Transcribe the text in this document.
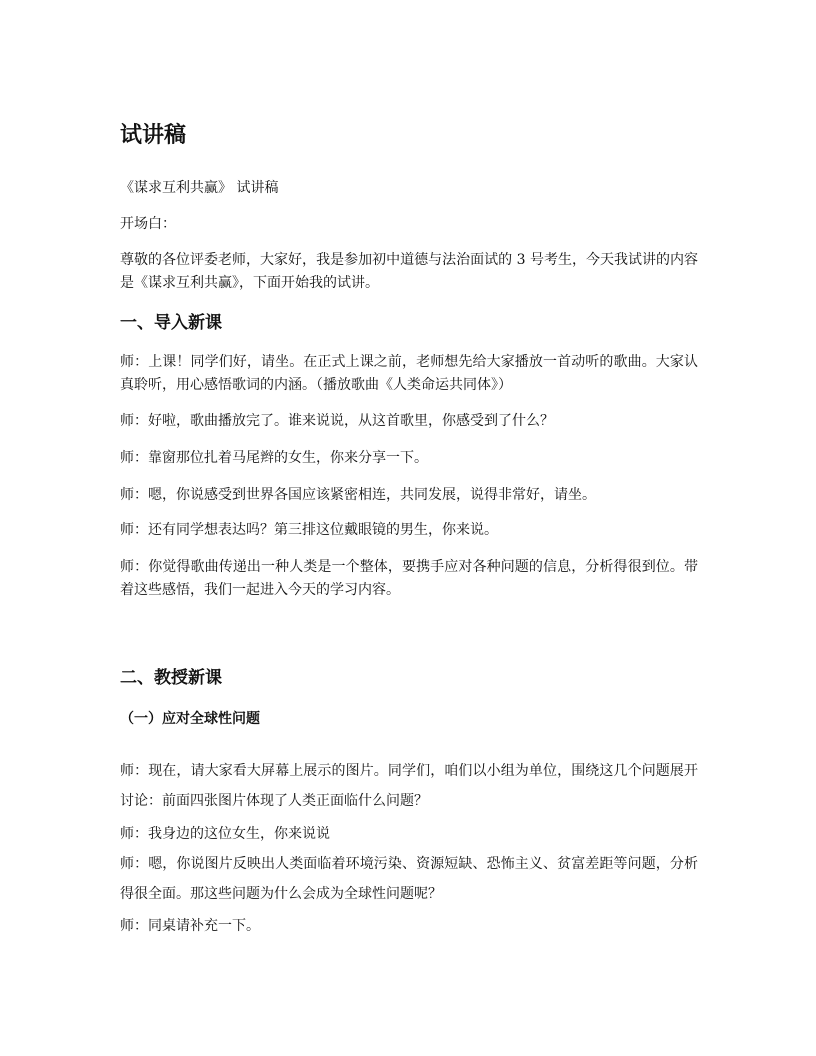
试讲稿

《谋求互利共赢》 试讲稿

开场白：

尊敬的各位评委老师，大家好，我是参加初中道德与法治面试的 3 号考生，今天我试讲的内容是《谋求互利共赢》，下面开始我的试讲。

一、导入新课

师：上课！同学们好，请坐。在正式上课之前，老师想先给大家播放一首动听的歌曲。大家认真聆听，用心感悟歌词的内涵。（播放歌曲《人类命运共同体》）

师：好啦，歌曲播放完了。谁来说说，从这首歌里，你感受到了什么？

师：靠窗那位扎着马尾辫的女生，你来分享一下。

师：嗯，你说感受到世界各国应该紧密相连，共同发展，说得非常好，请坐。

师：还有同学想表达吗？第三排这位戴眼镜的男生，你来说。

师：你觉得歌曲传递出一种人类是一个整体，要携手应对各种问题的信息，分析得很到位。带着这些感悟，我们一起进入今天的学习内容。

二、教授新课
（一）应对全球性问题

师：现在，请大家看大屏幕上展示的图片。同学们，咱们以小组为单位，围绕这几个问题展开讨论：前面四张图片体现了人类正面临什么问题？

师：我身边的这位女生，你来说说

师：嗯，你说图片反映出人类面临着环境污染、资源短缺、恐怖主义、贫富差距等问题，分析得很全面。那这些问题为什么会成为全球性问题呢？

师：同桌请补充一下。
